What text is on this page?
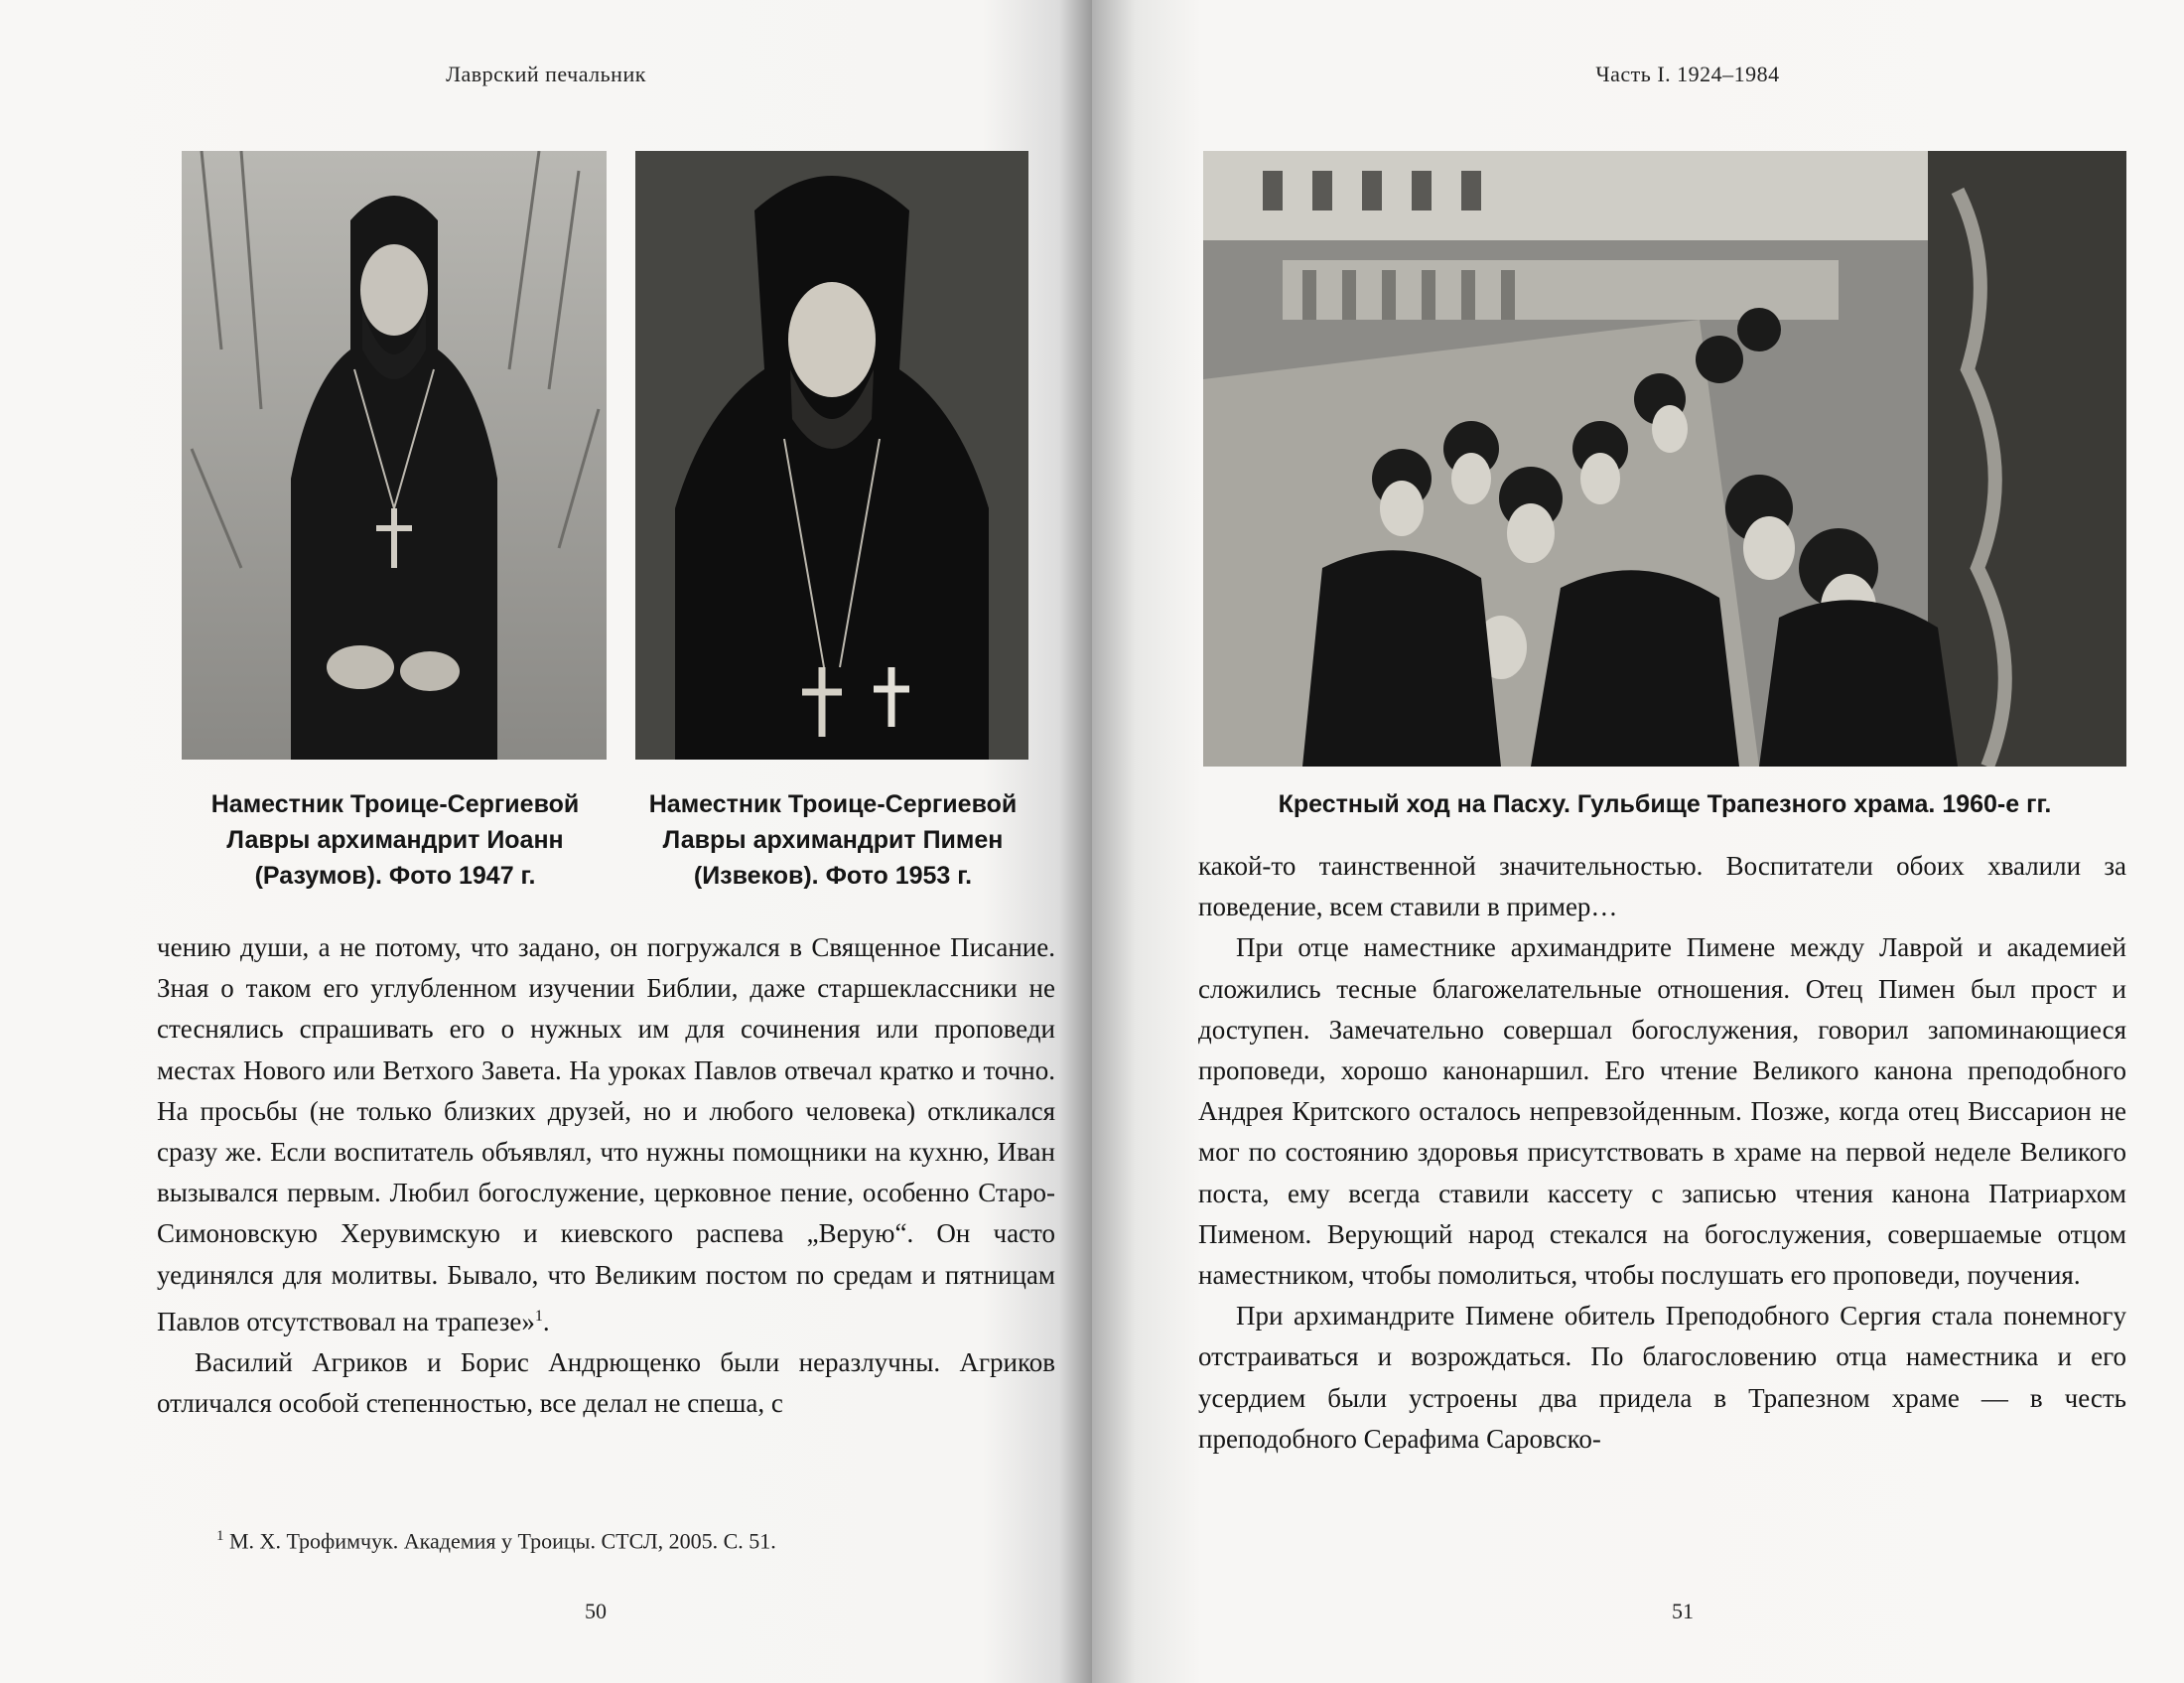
Лаврский печальник
Наместник Троице-Сергиевой
Лавры архимандрит Иоанн
(Разумов). Фото 1947 г.
Наместник Троице-Сергиевой
Лавры архимандрит Пимен
(Извеков). Фото 1953 г.

чению души, а не потому, что задано, он погружался в Священное Писание. Зная о таком его углубленном изучении Библии, даже старшеклассники не стеснялись спрашивать его о нужных им для сочинения или проповеди местах Нового или Ветхого Завета. На уроках Павлов отвечал кратко и точно. На просьбы (не только близких друзей, но и любого человека) откликался сразу же. Если воспитатель объявлял, что нужны помощники на кухню, Иван вызывался первым. Любил богослужение, церковное пение, особенно Старо-Симоновскую Херувимскую и киевского распева „Верую“. Он часто уединялся для молитвы. Бывало, что Великим постом по средам и пятницам Павлов отсутствовал на трапезе»$^1$.

Василий Агриков и Борис Андрющенко были неразлучны. Агриков отличался особой степенностью, все делал не спеша, с

$^1$ М. Х. Трофимчук. Академия у Троицы. СТСЛ, 2005. С. 51.
50
Часть I. 1924–1984
Крестный ход на Пасху. Гульбище Трапезного храма. 1960-е гг.

какой-то таинственной значительностью. Воспитатели обоих хвалили за поведение, всем ставили в пример…

При отце наместнике архимандрите Пимене между Лаврой и академией сложились тесные благожелательные отношения. Отец Пимен был прост и доступен. Замечательно совершал богослужения, говорил запоминающиеся проповеди, хорошо канонаршил. Его чтение Великого канона преподобного Андрея Критского осталось непревзойденным. Позже, когда отец Виссарион не мог по состоянию здоровья присутствовать в храме на первой неделе Великого поста, ему всегда ставили кассету с записью чтения канона Патриархом Пименом. Верующий народ стекался на богослужения, совершаемые отцом наместником, чтобы помолиться, чтобы послушать его проповеди, поучения.

При архимандрите Пимене обитель Преподобного Сергия стала понемногу отстраиваться и возрождаться. По благословению отца наместника и его усердием были устроены два придела в Трапезном храме — в честь преподобного Серафима Саровско-

51
